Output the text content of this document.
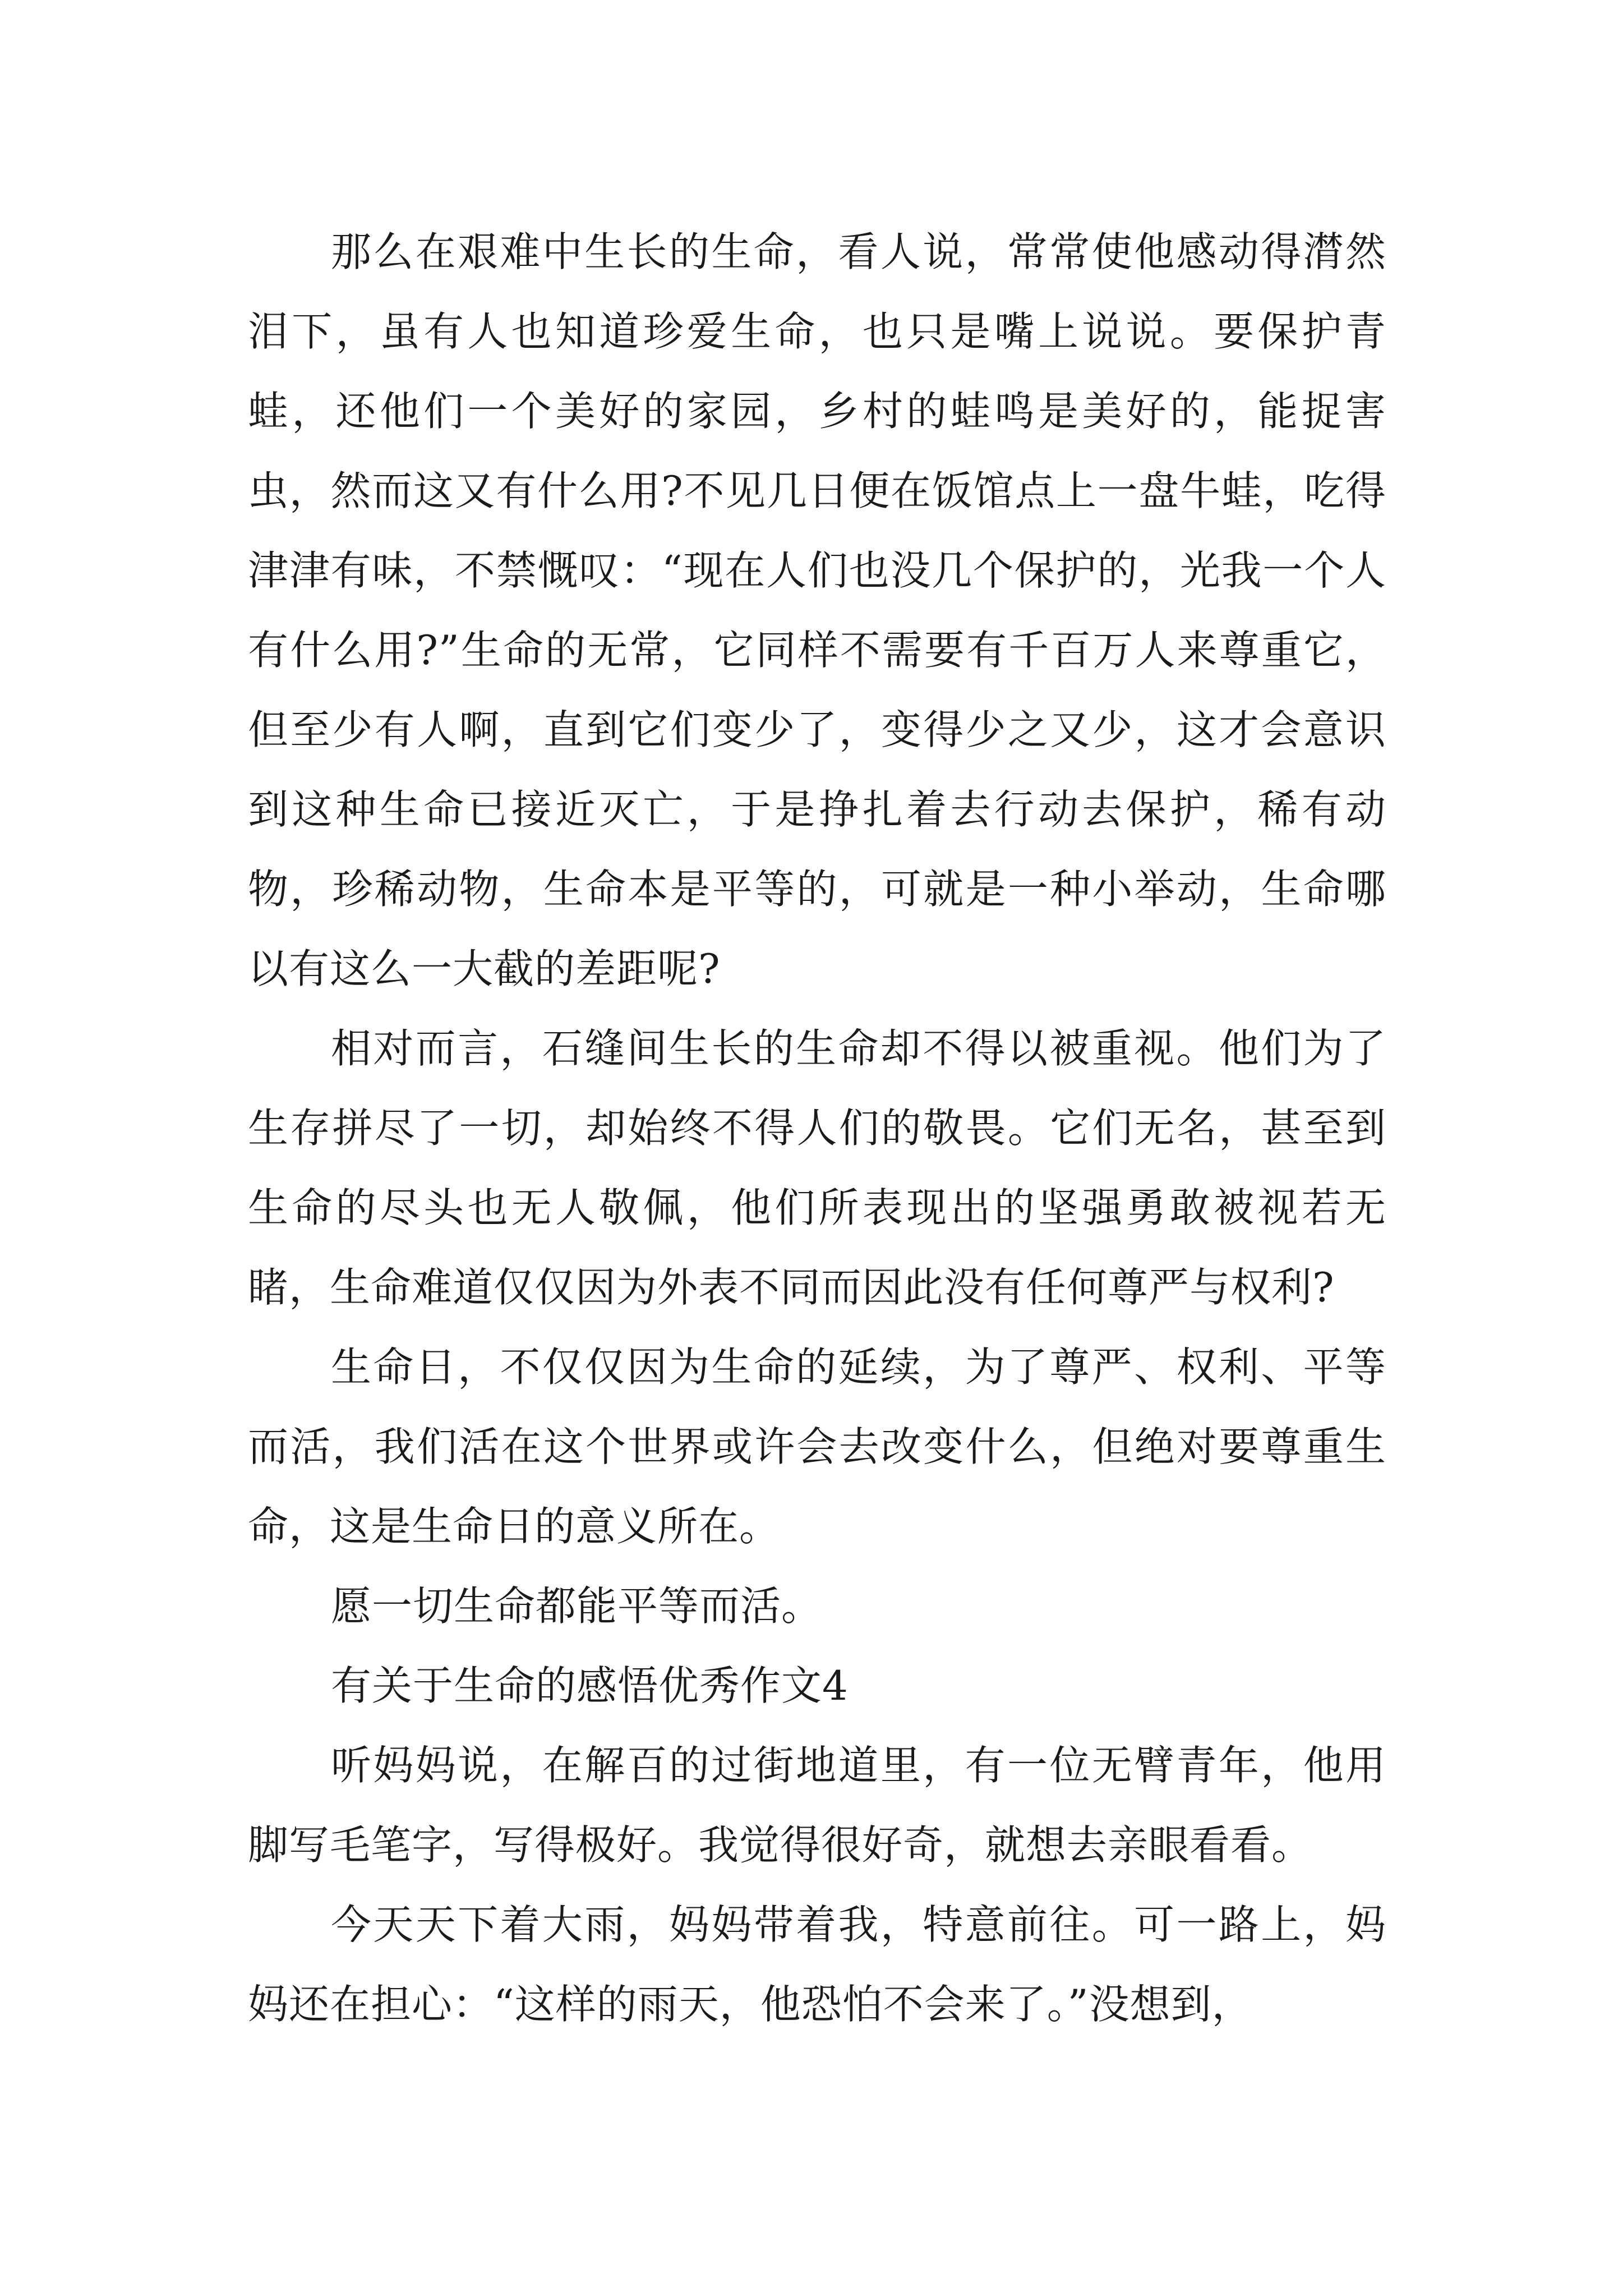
那么在艰难中生长的生命，看人说，常常使他感动得潸然泪下，虽有人也知道珍爱生命，也只是嘴上说说。要保护青蛙，还他们一个美好的家园，乡村的蛙鸣是美好的，能捉害虫，然而这又有什么用?不见几日便在饭馆点上一盘牛蛙，吃得津津有味，不禁慨叹：“现在人们也没几个保护的，光我一个人有什么用?”生命的无常，它同样不需要有千百万人来尊重它，但至少有人啊，直到它们变少了，变得少之又少，这才会意识到这种生命已接近灭亡，于是挣扎着去行动去保护，稀有动物，珍稀动物，生命本是平等的，可就是一种小举动，生命哪以有这么一大截的差距呢?

相对而言，石缝间生长的生命却不得以被重视。他们为了生存拼尽了一切，却始终不得人们的敬畏。它们无名，甚至到生命的尽头也无人敬佩，他们所表现出的坚强勇敢被视若无睹，生命难道仅仅因为外表不同而因此没有任何尊严与权利?

生命日，不仅仅因为生命的延续，为了尊严、权利、平等而活，我们活在这个世界或许会去改变什么，但绝对要尊重生命，这是生命日的意义所在。

愿一切生命都能平等而活。

有关于生命的感悟优秀作文4

听妈妈说，在解百的过街地道里，有一位无臂青年，他用脚写毛笔字，写得极好。我觉得很好奇，就想去亲眼看看。

今天天下着大雨，妈妈带着我，特意前往。可一路上，妈妈还在担心：“这样的雨天，他恐怕不会来了。”没想到，
